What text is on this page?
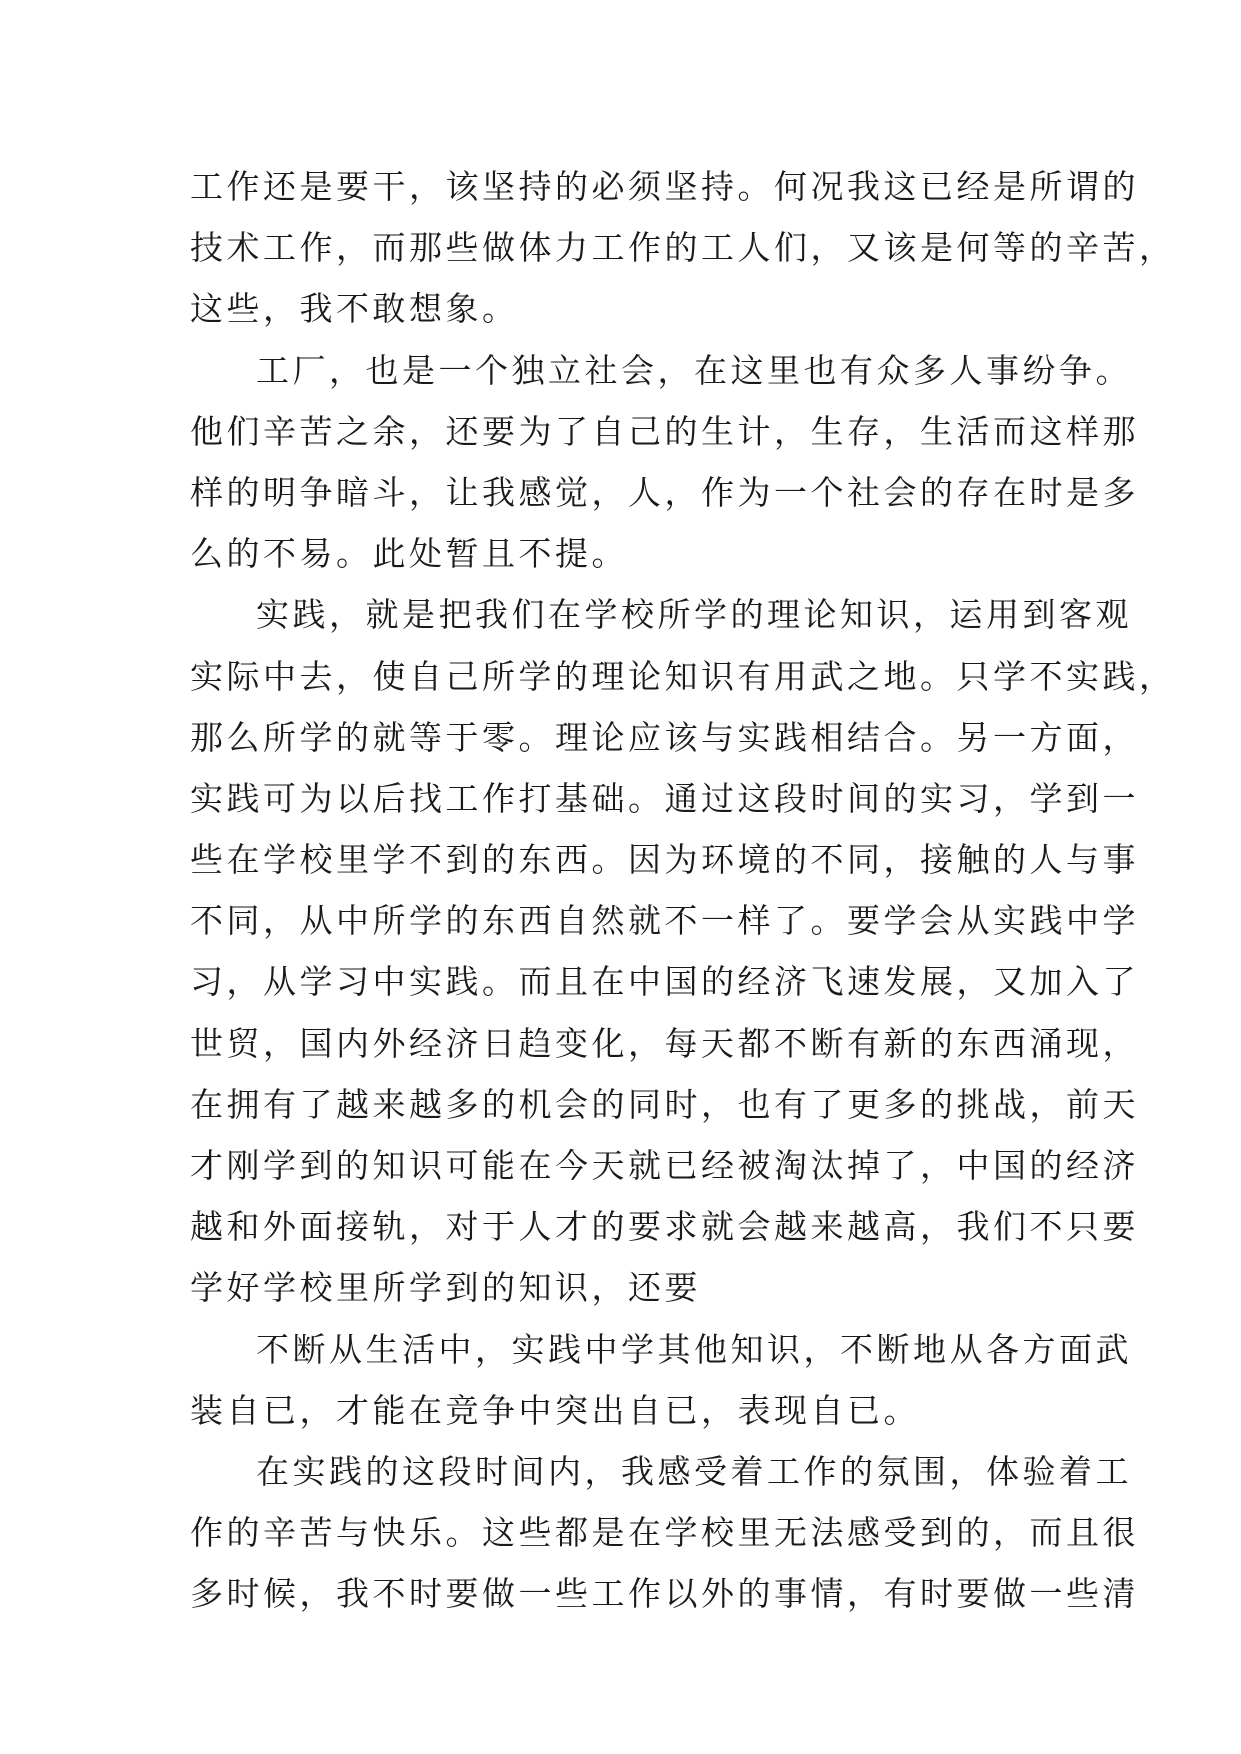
工作还是要干，该坚持的必须坚持。何况我这已经是所谓的
技术工作，而那些做体力工作的工人们，又该是何等的辛苦，
这些，我不敢想象。
工厂，也是一个独立社会，在这里也有众多人事纷争。
他们辛苦之余，还要为了自己的生计，生存，生活而这样那
样的明争暗斗，让我感觉，人，作为一个社会的存在时是多
么的不易。此处暂且不提。
实践，就是把我们在学校所学的理论知识，运用到客观
实际中去，使自己所学的理论知识有用武之地。只学不实践，
那么所学的就等于零。理论应该与实践相结合。另一方面，
实践可为以后找工作打基础。通过这段时间的实习，学到一
些在学校里学不到的东西。因为环境的不同，接触的人与事
不同，从中所学的东西自然就不一样了。要学会从实践中学
习，从学习中实践。而且在中国的经济飞速发展，又加入了
世贸，国内外经济日趋变化，每天都不断有新的东西涌现，
在拥有了越来越多的机会的同时，也有了更多的挑战，前天
才刚学到的知识可能在今天就已经被淘汰掉了，中国的经济
越和外面接轨，对于人才的要求就会越来越高，我们不只要
学好学校里所学到的知识，还要
不断从生活中，实践中学其他知识，不断地从各方面武
装自已，才能在竞争中突出自已，表现自已。
在实践的这段时间内，我感受着工作的氛围，体验着工
作的辛苦与快乐。这些都是在学校里无法感受到的，而且很
多时候，我不时要做一些工作以外的事情，有时要做一些清
